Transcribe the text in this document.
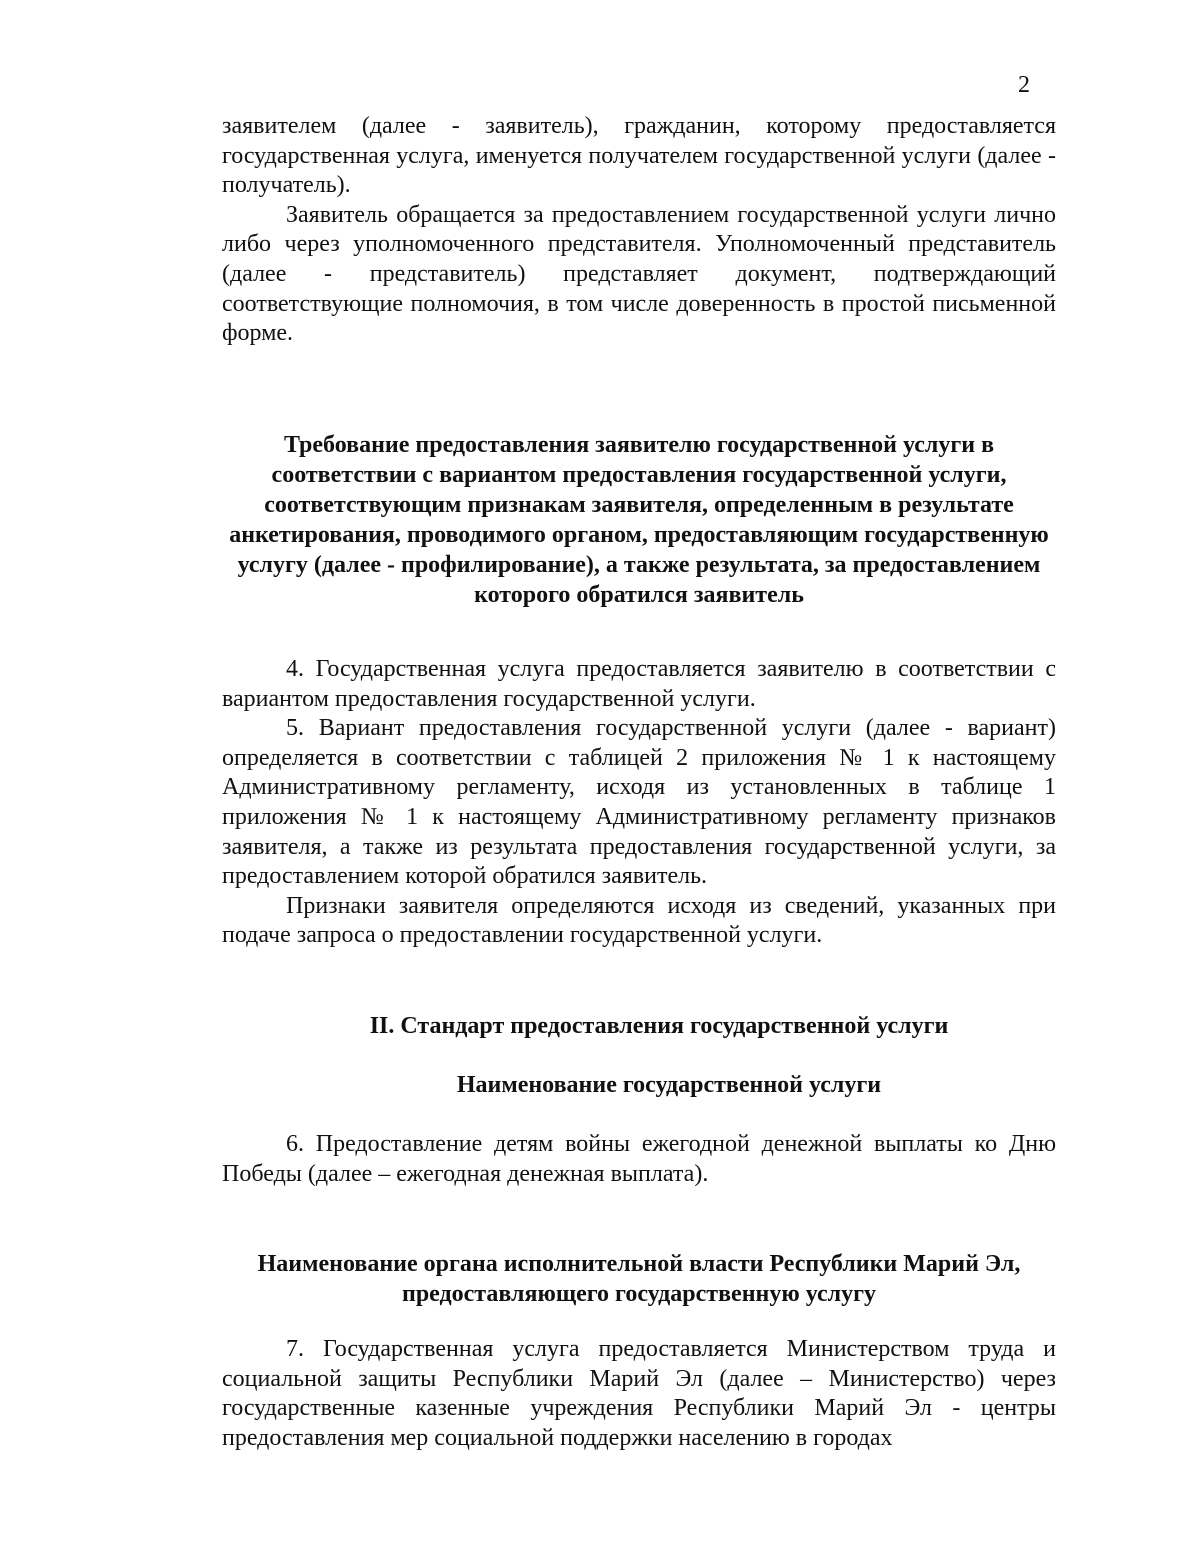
2

заявителем (далее - заявитель), гражданин, которому предоставляется государственная услуга, именуется получателем государственной услуги (далее - получатель).

Заявитель обращается за предоставлением государственной услуги лично либо через уполномоченного представителя. Уполномоченный представитель (далее - представитель) представляет документ, подтверждающий соответствующие полномочия, в том числе доверенность в простой письменной форме.

Требование предоставления заявителю государственной услуги в соответствии с вариантом предоставления государственной услуги, соответствующим признакам заявителя, определенным в результате анкетирования, проводимого органом, предоставляющим государственную услугу (далее - профилирование), а также результата, за предоставлением которого обратился заявитель

4. Государственная услуга предоставляется заявителю в соответствии с вариантом предоставления государственной услуги.

5. Вариант предоставления государственной услуги (далее - вариант) определяется в соответствии с таблицей 2 приложения № 1 к настоящему Административному регламенту, исходя из установленных в таблице 1 приложения № 1 к настоящему Административному регламенту признаков заявителя, а также из результата предоставления государственной услуги, за предоставлением которой обратился заявитель.

Признаки заявителя определяются исходя из сведений, указанных при подаче запроса о предоставлении государственной услуги.

II. Стандарт предоставления государственной услуги
Наименование государственной услуги

6. Предоставление детям войны ежегодной денежной выплаты ко Дню Победы (далее – ежегодная денежная выплата).

Наименование органа исполнительной власти Республики Марий Эл, предоставляющего государственную услугу

7. Государственная услуга предоставляется Министерством труда и социальной защиты Республики Марий Эл (далее – Министерство) через государственные казенные учреждения Республики Марий Эл - центры предоставления мер социальной поддержки населению в городах
